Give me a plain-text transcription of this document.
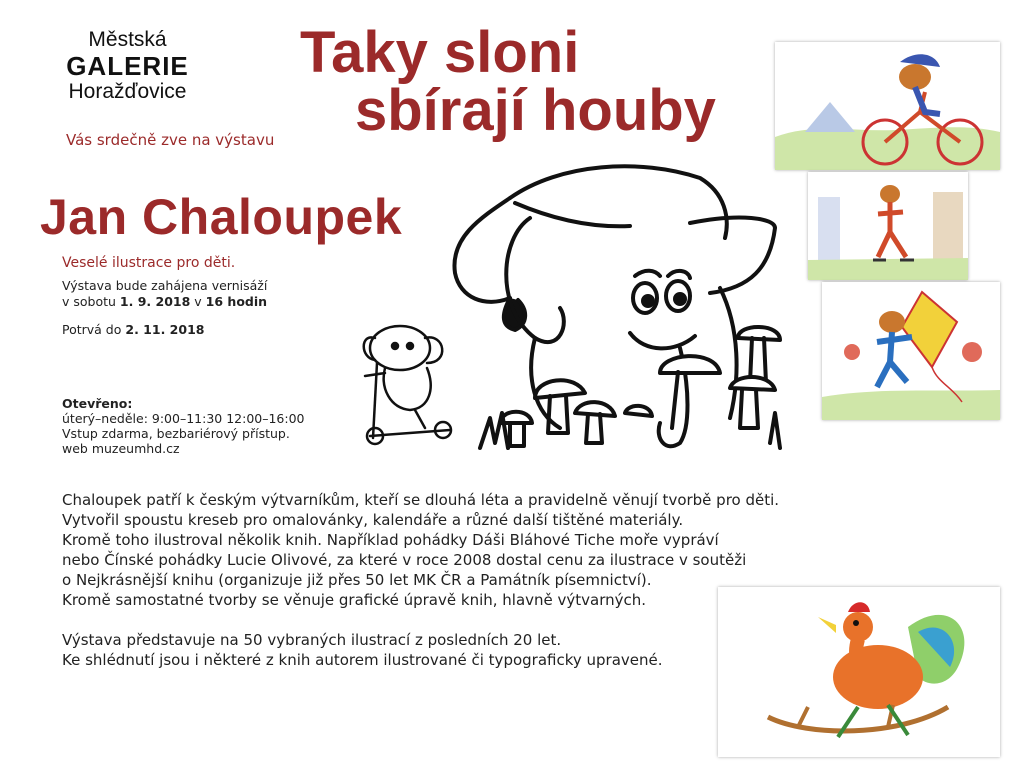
Městská
GALERIE
Horažďovice
Taky sloni
sbírají houby
Vás srdečně zve na výstavu
Jan Chaloupek
Veselé ilustrace pro děti.
Výstava bude zahájena vernisáží
v sobotu 1. 9. 2018 v 16 hodin
Potrvá do 2. 11. 2018
Otevřeno:
úterý–neděle: 9:00–11:30 12:00–16:00
Vstup zdarma, bezbariérový přístup.
web muzeumhd.cz

Chaloupek patří k českým výtvarníkům, kteří se dlouhá léta a pravidelně věnují tvorbě pro děti.
Vytvořil spoustu kreseb pro omalovánky, kalendáře a různé další tištěné materiály.
Kromě toho ilustroval několik knih. Například pohádky Dáši Bláhové Tiche moře vypráví
nebo Čínské pohádky Lucie Olivové, za které v roce 2008 dostal cenu za ilustrace v soutěži
o Nejkrásnější knihu (organizuje již přes 50 let MK ČR a Památník písemnictví).
Kromě samostatné tvorby se věnuje grafické úpravě knih, hlavně výtvarných.

Výstava představuje na 50 vybraných ilustrací z posledních 20 let.
Ke shlédnutí jsou i některé z knih autorem ilustrované či typograficky upravené.
